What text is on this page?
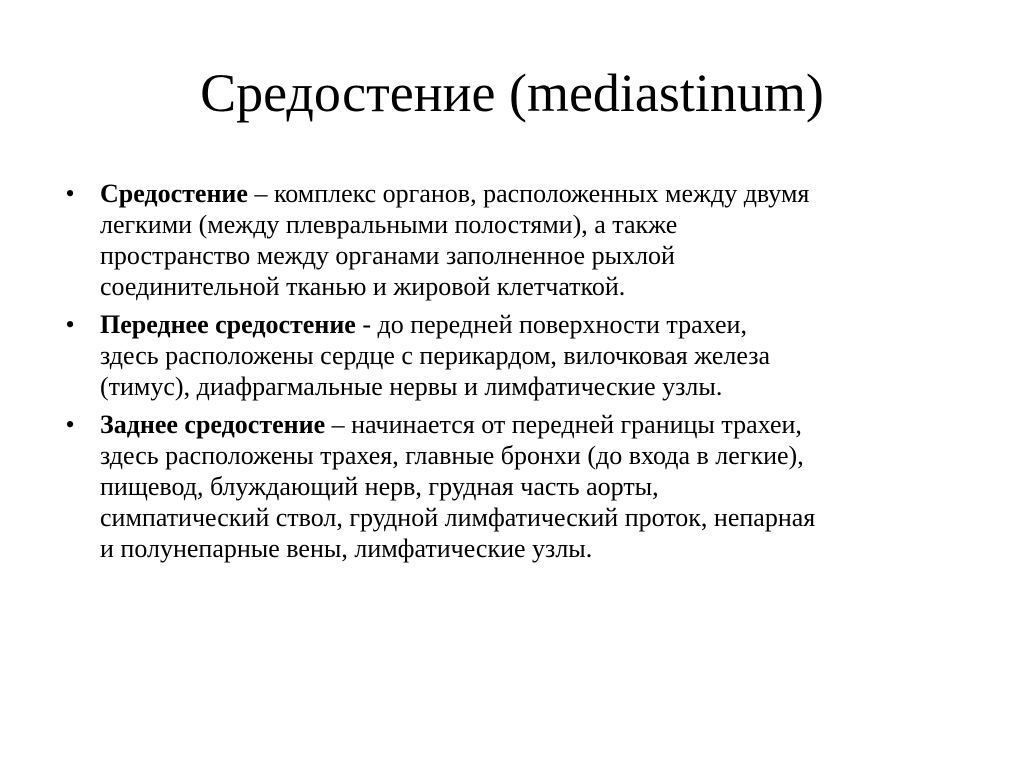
Средостение (mediastinum)
• Средостение – комплекс органов, расположенных между двумя
легкими (между плевральными полостями), а также
пространство между органами заполненное рыхлой
соединительной тканью и жировой клетчаткой.
• Переднее средостение - до передней поверхности трахеи,
здесь расположены сердце с перикардом, вилочковая железа
(тимус), диафрагмальные нервы и лимфатические узлы.
• Заднее средостение – начинается от передней границы трахеи,
здесь расположены трахея, главные бронхи (до входа в легкие),
пищевод, блуждающий нерв, грудная часть аорты,
симпатический ствол, грудной лимфатический проток, непарная
и полунепарные вены, лимфатические узлы.
